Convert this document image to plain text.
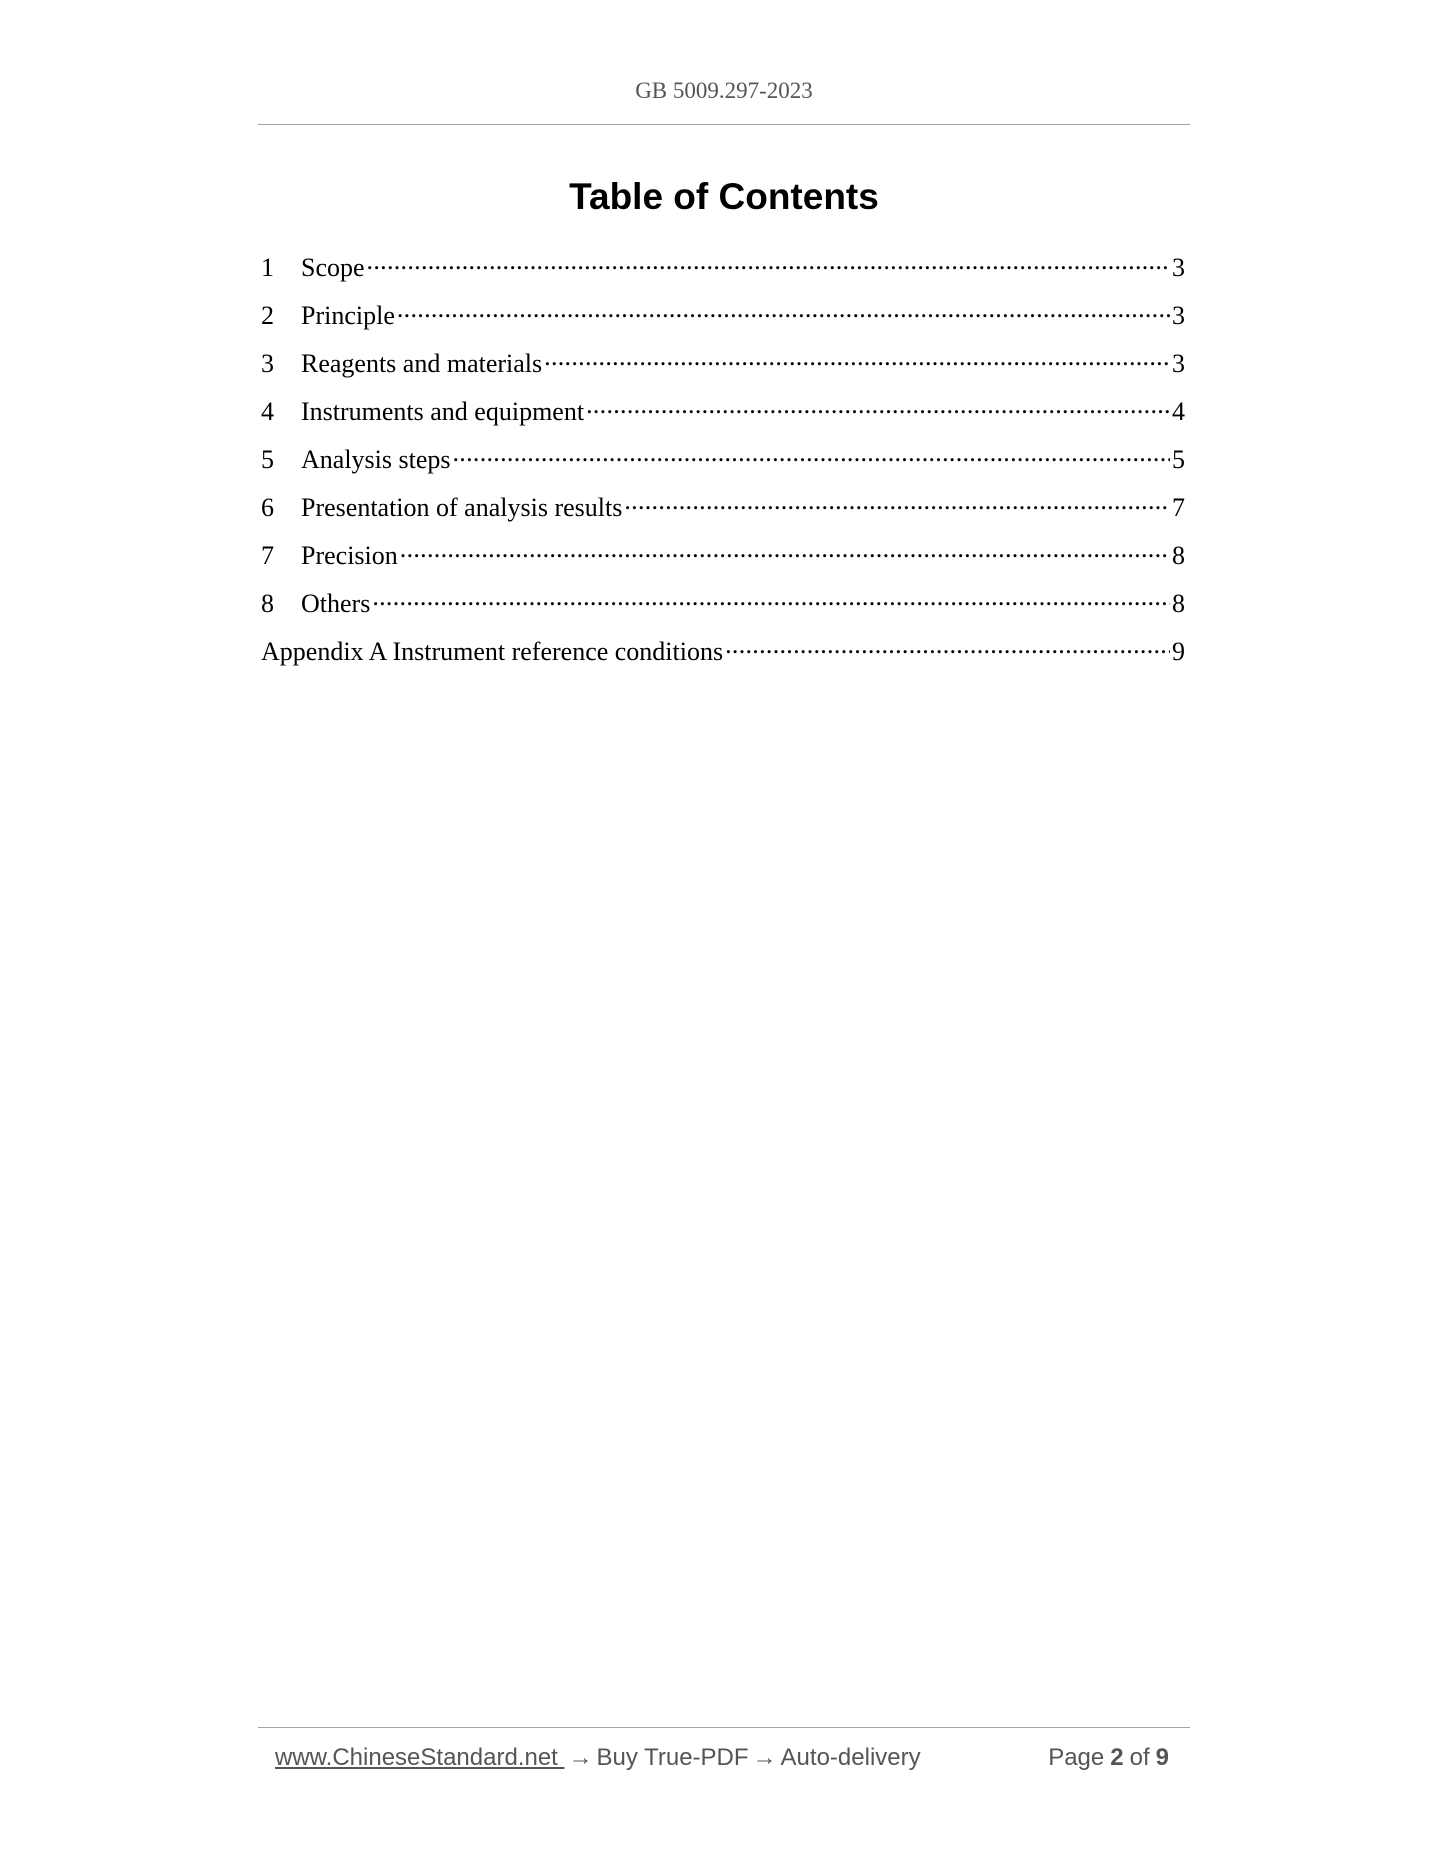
GB 5009.297-2023
Table of Contents
1	Scope .....	3
2	Principle .....	3
3	Reagents and materials .....	3
4	Instruments and equipment .....	4
5	Analysis steps .....	5
6	Presentation of analysis results .....	7
7	Precision .....	8
8	Others .....	8
Appendix A Instrument reference conditions .....	9
www.ChineseStandard.net → Buy True-PDF → Auto-delivery	Page 2 of 9
